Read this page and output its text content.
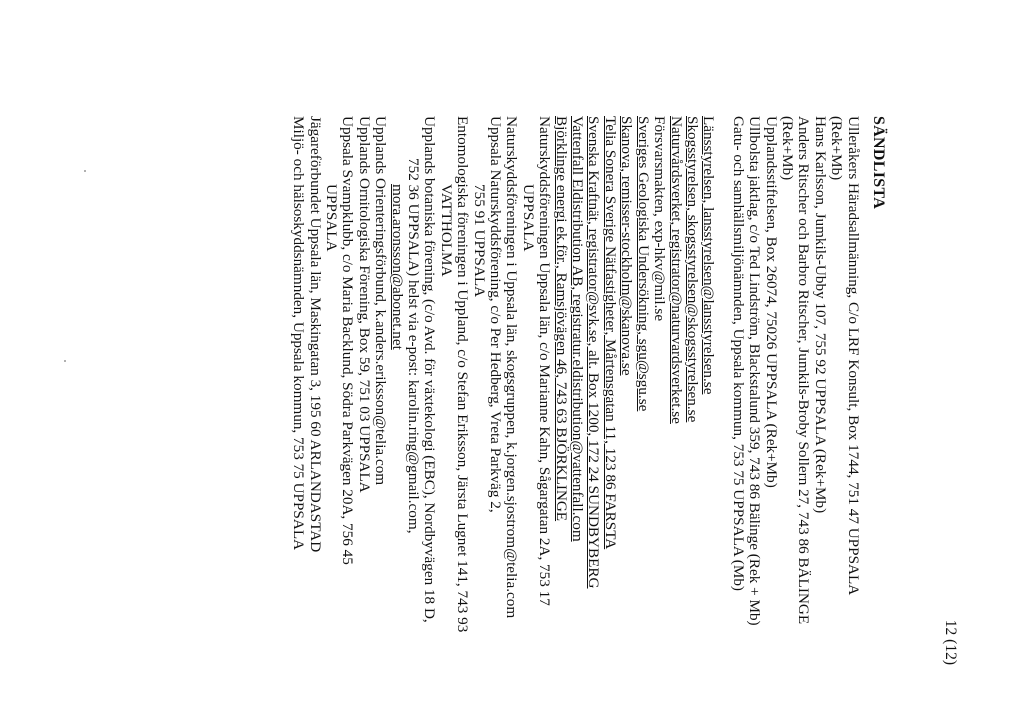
12 (12)
SÄNDLISTA
Ulleråkers Häradsallmänning, C/o LRF Konsult, Box 1744, 751 47 UPPSALA
(Rek+Mb)
Hans Karlsson, Jumkils-Ubby 107, 755 92 UPPSALA (Rek+Mb)
Anders Ritscher och Barbro Ritscher, Jumkils-Broby Sollern 27, 743 86 BÄLINGE
(Rek+Mb)
Upplandsstiftelsen, Box 26074, 75026 UPPSALA (Rek+Mb)
Ullbolsta jaktlag, c/o Ted Lindström, Blackstalund 359, 743 86 Bälinge (Rek + Mb)
Gatu- och samhällsmiljönämnden, Uppsala kommun, 753 75 UPPSALA (Mb)
Länsstyrelsen, lansstyrelsen@lansstyrelsen.se
Skogsstyrelsen, skogsstyrelsen@skogsstyrelsen.se
Naturvårdsverket, registrator@naturvardsverket.se
Försvarsmakten, exp-hkv@mil.se
Sveriges Geologiska Undersökning, sgu@sgu.se
Skanova, remisser-stockholm@skanova.se
Telia Sonera Sverige Nätfastigheter, Mårtensgatan 11, 123 86 FARSTA
Svenska Kraftnät, registrator@svk.se, alt. Box 1200, 172 24 SUNDBYBERG
Vattenfall Eldistribution AB, registratur.eldistribution@vattenfall.com
Björklinge energi ek.för., Ramsjövägen 46, 743 63 BJÖRKLINGE
Naturskyddsföreningen Uppsala län, c/o Marianne Kahn, Sågargatan 2A, 753 17
UPPSALA
Naturskyddsföreningen i Uppsala län, skogsgruppen, k.jorgen.sjostrom@telia.com
Uppsala Naturskyddsförening, c/o Per Hedberg, Vreta Parkväg 2,
755 91 UPPSALA
Entomologiska föreningen i Uppland, c/o Stefan Eriksson, Järsta Lugnet 141, 743 93
VATTHOLMA
Upplands botaniska förening, (c/o Avd. för växtekologi (EBC), Nordbyvägen 18 D,
752 36 UPPSALA) helst via e-post: karolin.ring@gmail.com,
mora.aronsson@abonet.net
Upplands Orienteringsförbund, k.anders.eriksson@telia.com
Upplands Ornitologiska Förening, Box 59, 751 03 UPPSALA
Uppsala Svampklubb, c/o Maria Backlund, Södra Parkvägen 20A, 756 45
UPPSALA
Jägareförbundet Uppsala län, Maskingatan 3, 195 60 ARLANDASTAD
Miljö- och hälsoskyddsnämnden, Uppsala kommun, 753 75 UPPSALA
